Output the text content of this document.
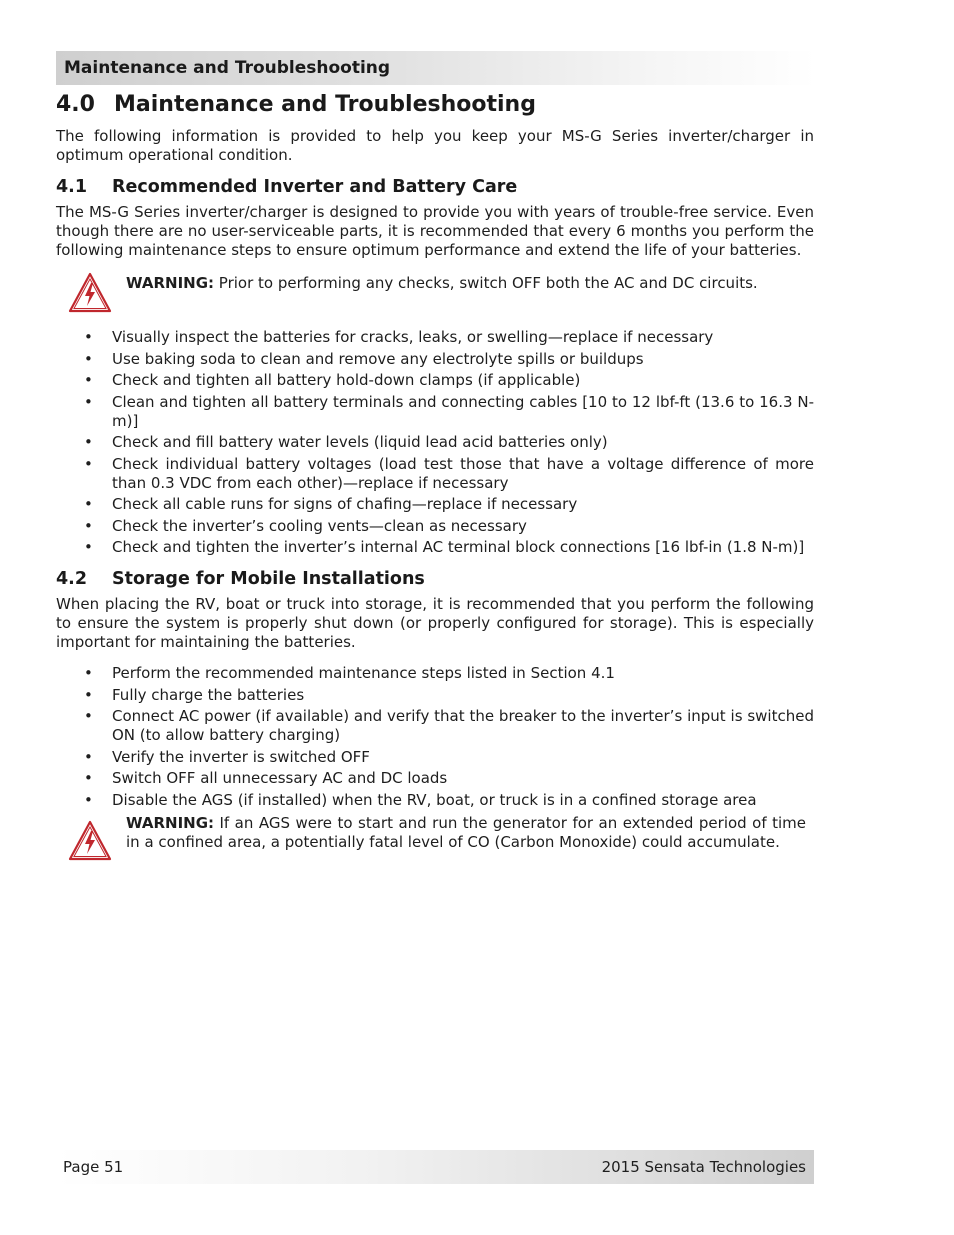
Maintenance and Troubleshooting
4.0 Maintenance and Troubleshooting

The following information is provided to help you keep your MS-G Series inverter/charger in optimum operational condition.

4.1 Recommended Inverter and Battery Care

The MS-G Series inverter/charger is designed to provide you with years of trouble-free service. Even though there are no user-serviceable parts, it is recommended that every 6 months you perform the following maintenance steps to ensure optimum performance and extend the life of your batteries.

WARNING: Prior to performing any checks, switch OFF both the AC and DC circuits.
• Visually inspect the batteries for cracks, leaks, or swelling—replace if necessary
• Use baking soda to clean and remove any electrolyte spills or buildups
• Check and tighten all battery hold-down clamps (if applicable)
• Clean and tighten all battery terminals and connecting cables [10 to 12 lbf-ft (13.6 to 16.3 N-m)]
• Check and fill battery water levels (liquid lead acid batteries only)
• Check individual battery voltages (load test those that have a voltage difference of more than 0.3 VDC from each other)—replace if necessary
• Check all cable runs for signs of chafing—replace if necessary
• Check the inverter’s cooling vents—clean as necessary
• Check and tighten the inverter’s internal AC terminal block connections [16 lbf-in (1.8 N-m)]
4.2 Storage for Mobile Installations

When placing the RV, boat or truck into storage, it is recommended that you perform the following to ensure the system is properly shut down (or properly configured for storage). This is especially important for maintaining the batteries.

• Perform the recommended maintenance steps listed in Section 4.1
• Fully charge the batteries
• Connect AC power (if available) and verify that the breaker to the inverter’s input is switched ON (to allow battery charging)
• Verify the inverter is switched OFF
• Switch OFF all unnecessary AC and DC loads
• Disable the AGS (if installed) when the RV, boat, or truck is in a confined storage area
WARNING: If an AGS were to start and run the generator for an extended period of time in a confined area, a potentially fatal level of CO (Carbon Monoxide) could accumulate.
Page 51	2015 Sensata Technologies
